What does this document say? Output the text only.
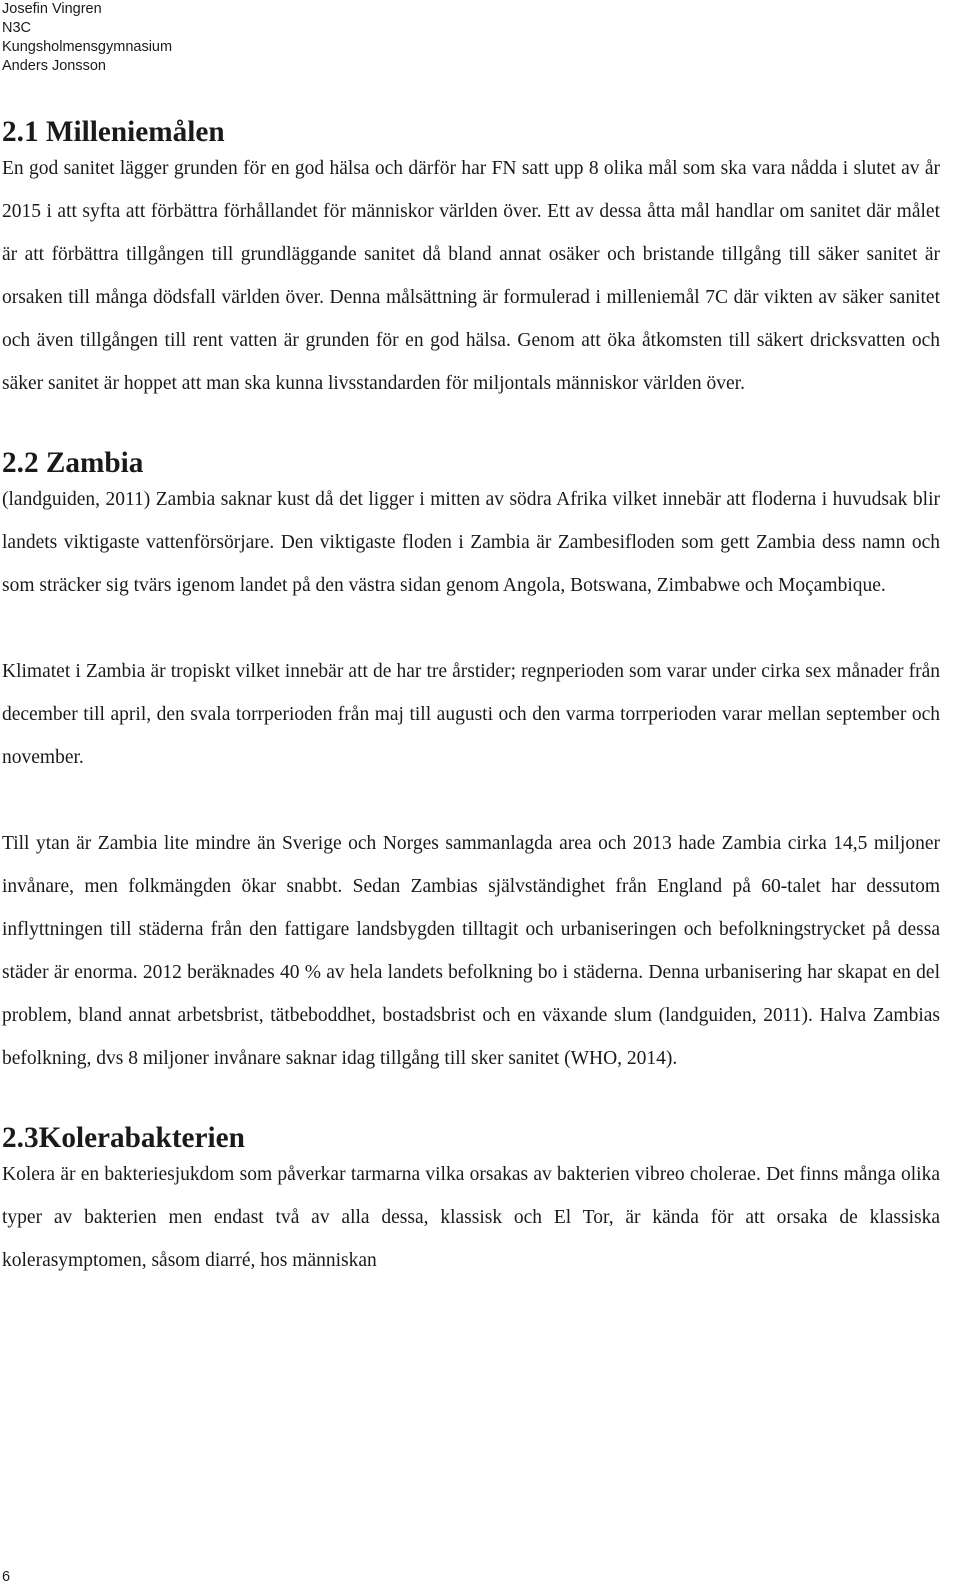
Josefin Vingren
N3C
Kungsholmensgymnasium
Anders Jonsson
2.1 Milleniemålen

En god sanitet lägger grunden för en god hälsa och därför har FN satt upp 8 olika mål som ska vara nådda i slutet av år 2015 i att syfta att förbättra förhållandet för människor världen över. Ett av dessa åtta mål handlar om sanitet där målet är att förbättra tillgången till grundläggande sanitet då bland annat osäker och bristande tillgång till säker sanitet är orsaken till många dödsfall världen över. Denna målsättning är formulerad i milleniemål 7C där vikten av säker sanitet och även tillgången till rent vatten är grunden för en god hälsa. Genom att öka åtkomsten till säkert dricksvatten och säker sanitet är hoppet att man ska kunna livsstandarden för miljontals människor världen över.

2.2 Zambia

(landguiden, 2011) Zambia saknar kust då det ligger i mitten av södra Afrika vilket innebär att floderna i huvudsak blir landets viktigaste vattenförsörjare. Den viktigaste floden i Zambia är Zambesifloden som gett Zambia dess namn och som sträcker sig tvärs igenom landet på den västra sidan genom Angola, Botswana, Zimbabwe och Moçambique.

Klimatet i Zambia är tropiskt vilket innebär att de har tre årstider; regnperioden som varar under cirka sex månader från december till april, den svala torrperioden från maj till augusti och den varma torrperioden varar mellan september och november.

Till ytan är Zambia lite mindre än Sverige och Norges sammanlagda area och 2013 hade Zambia cirka 14,5 miljoner invånare, men folkmängden ökar snabbt. Sedan Zambias självständighet från England på 60-talet har dessutom inflyttningen till städerna från den fattigare landsbygden tilltagit och urbaniseringen och befolkningstrycket på dessa städer är enorma. 2012 beräknades 40 % av hela landets befolkning bo i städerna. Denna urbanisering har skapat en del problem, bland annat arbetsbrist, tätbeboddhet, bostadsbrist och en växande slum (landguiden, 2011). Halva Zambias befolkning, dvs 8 miljoner invånare saknar idag tillgång till sker sanitet (WHO, 2014).

2.3Kolerabakterien

Kolera är en bakteriesjukdom som påverkar tarmarna vilka orsakas av bakterien vibreo cholerae. Det finns många olika typer av bakterien men endast två av alla dessa, klassisk och El Tor, är kända för att orsaka de klassiska kolerasymptomen, såsom diarré, hos människan

6
